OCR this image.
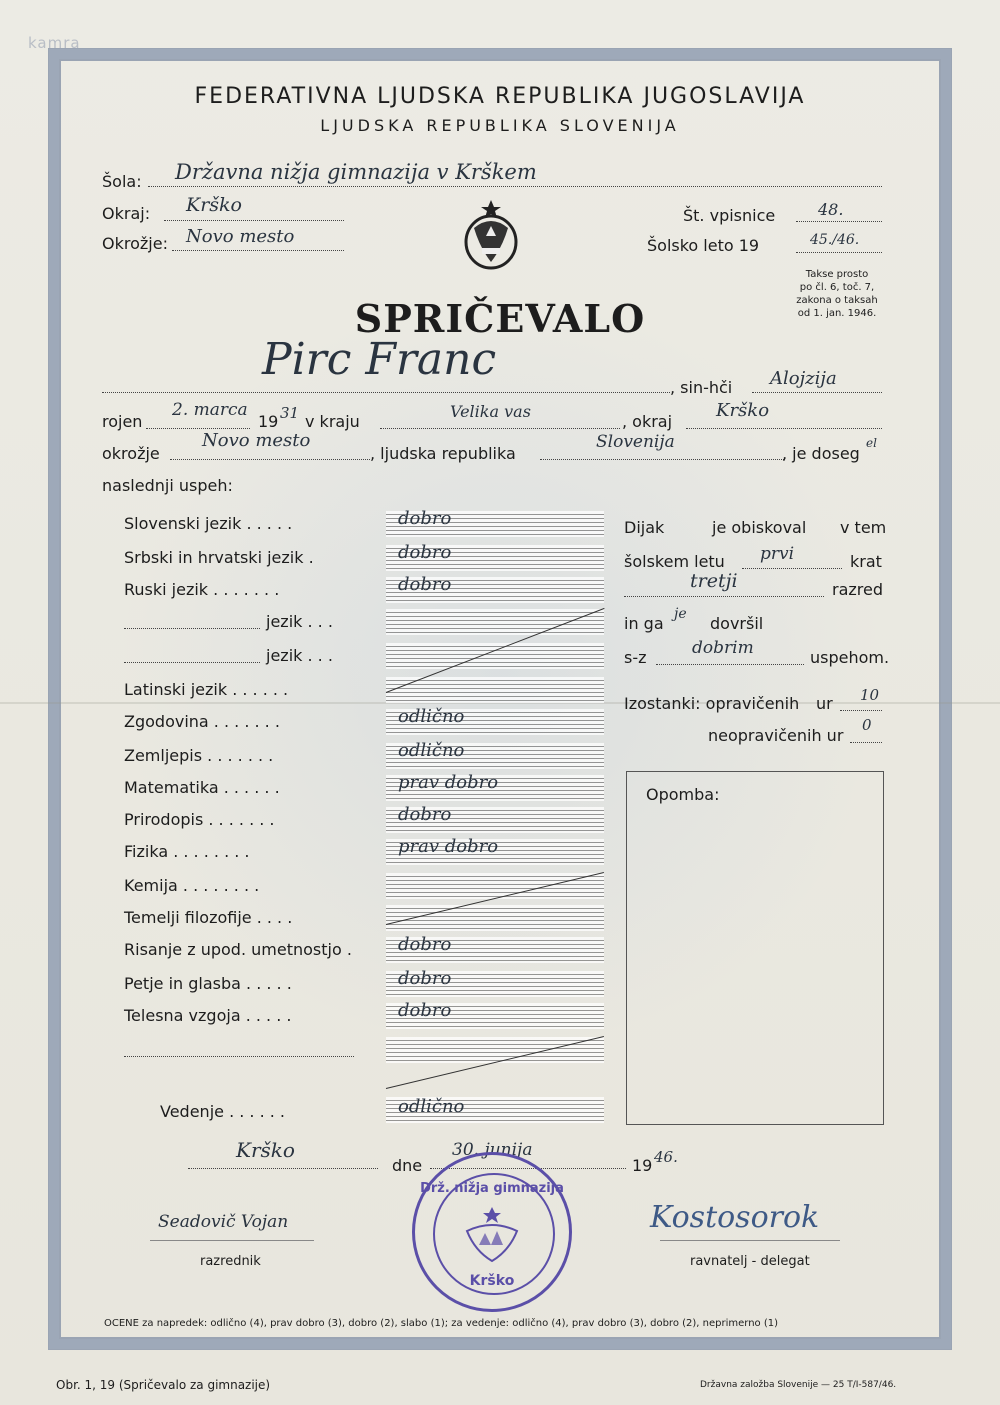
kamra
FEDERATIVNA LJUDSKA REPUBLIKA JUGOSLAVIJA
LJUDSKA REPUBLIKA SLOVENIJA
Šola: Državna nižja gimnazija v Krškem
Okraj: Krško
Okrožje: Novo mesto
Št. vpisnice	48.
Šolsko leto 19	45./46.
Takse prosto
po čl. 6, toč. 7,
zakona o taksah
od 1. jan. 1946.
SPRIČEVALO
Pirc Franc
, sin-hči Alojzija
rojen
2. marca
19 31 v kraju
Velika vas
, okraj
Krško
okrožje
Novo mesto
, ljudska republika
Slovenija
, je doseg
el
naslednji uspeh:
Slovenski jezik . . . . .	dobro
Srbski in hrvatski jezik .	dobro
Ruski jezik . . . . . . .	dobro
jezik . . .
jezik . . .
Latinski jezik . . . . . .
Zgodovina . . . . . . .	odlično
Zemljepis . . . . . . .	odlično
Matematika . . . . . .	prav dobro
Prirodopis . . . . . . .	dobro
Fizika . . . . . . . .	prav dobro
Kemija . . . . . . . .
Temelji filozofije . . . .
Risanje z upod. umetnostjo .	dobro
Petje in glasba . . . . .	dobro
Telesna vzgoja . . . . .	dobro
Vedenje . . . . . .	odlično
Dijak	je obiskoval v tem
šolskem letu prvi	krat
tretji	razred
in ga je dovršil
s-z	dobrim	uspehom.
Izostanki: opravičenih ur 10
neopravičenih ur
0
Opomba:
Krško
dne
30. junija
19 46.
Seadovič Vojan
razrednik
Kostosorok
ravnatelj - delegat
Drž. nižja gimnazija
Krško
OCENE za napredek: odlično (4), prav dobro (3), dobro (2), slabo (1); za vedenje: odlično (4), prav dobro (3), dobro (2), neprimerno (1)
Obr. 1, 19 (Spričevalo za gimnazije)	Državna založba Slovenije — 25 T/I-587/46.
